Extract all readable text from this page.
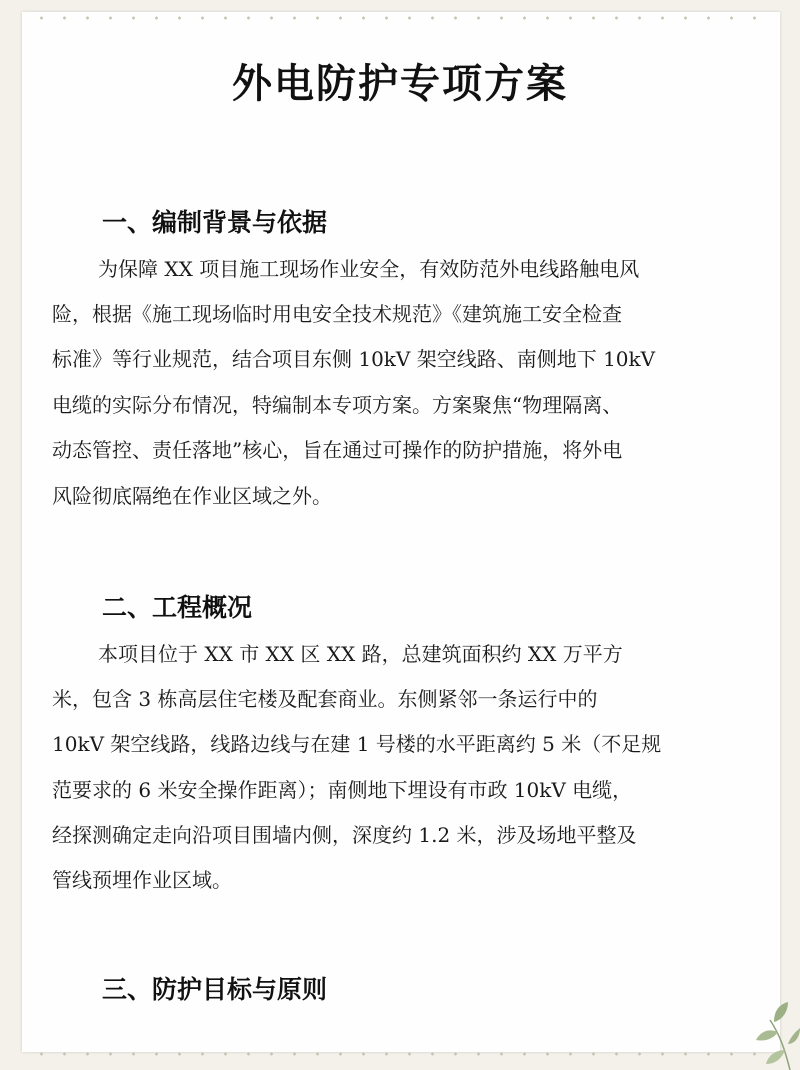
外电防护专项方案
一、编制背景与依据
为保障 XX 项目施工现场作业安全，有效防范外电线路触电风
险，根据《施工现场临时用电安全技术规范》《建筑施工安全检查
标准》等行业规范，结合项目东侧 10kV 架空线路、南侧地下 10kV
电缆的实际分布情况，特编制本专项方案。方案聚焦“物理隔离、
动态管控、责任落地”核心，旨在通过可操作的防护措施，将外电
风险彻底隔绝在作业区域之外。
二、工程概况
本项目位于 XX 市 XX 区 XX 路，总建筑面积约 XX 万平方
米，包含 3 栋高层住宅楼及配套商业。东侧紧邻一条运行中的
10kV 架空线路，线路边线与在建 1 号楼的水平距离约 5 米（不足规
范要求的 6 米安全操作距离）；南侧地下埋设有市政 10kV 电缆，
经探测确定走向沿项目围墙内侧，深度约 1.2 米，涉及场地平整及
管线预埋作业区域。
三、防护目标与原则
